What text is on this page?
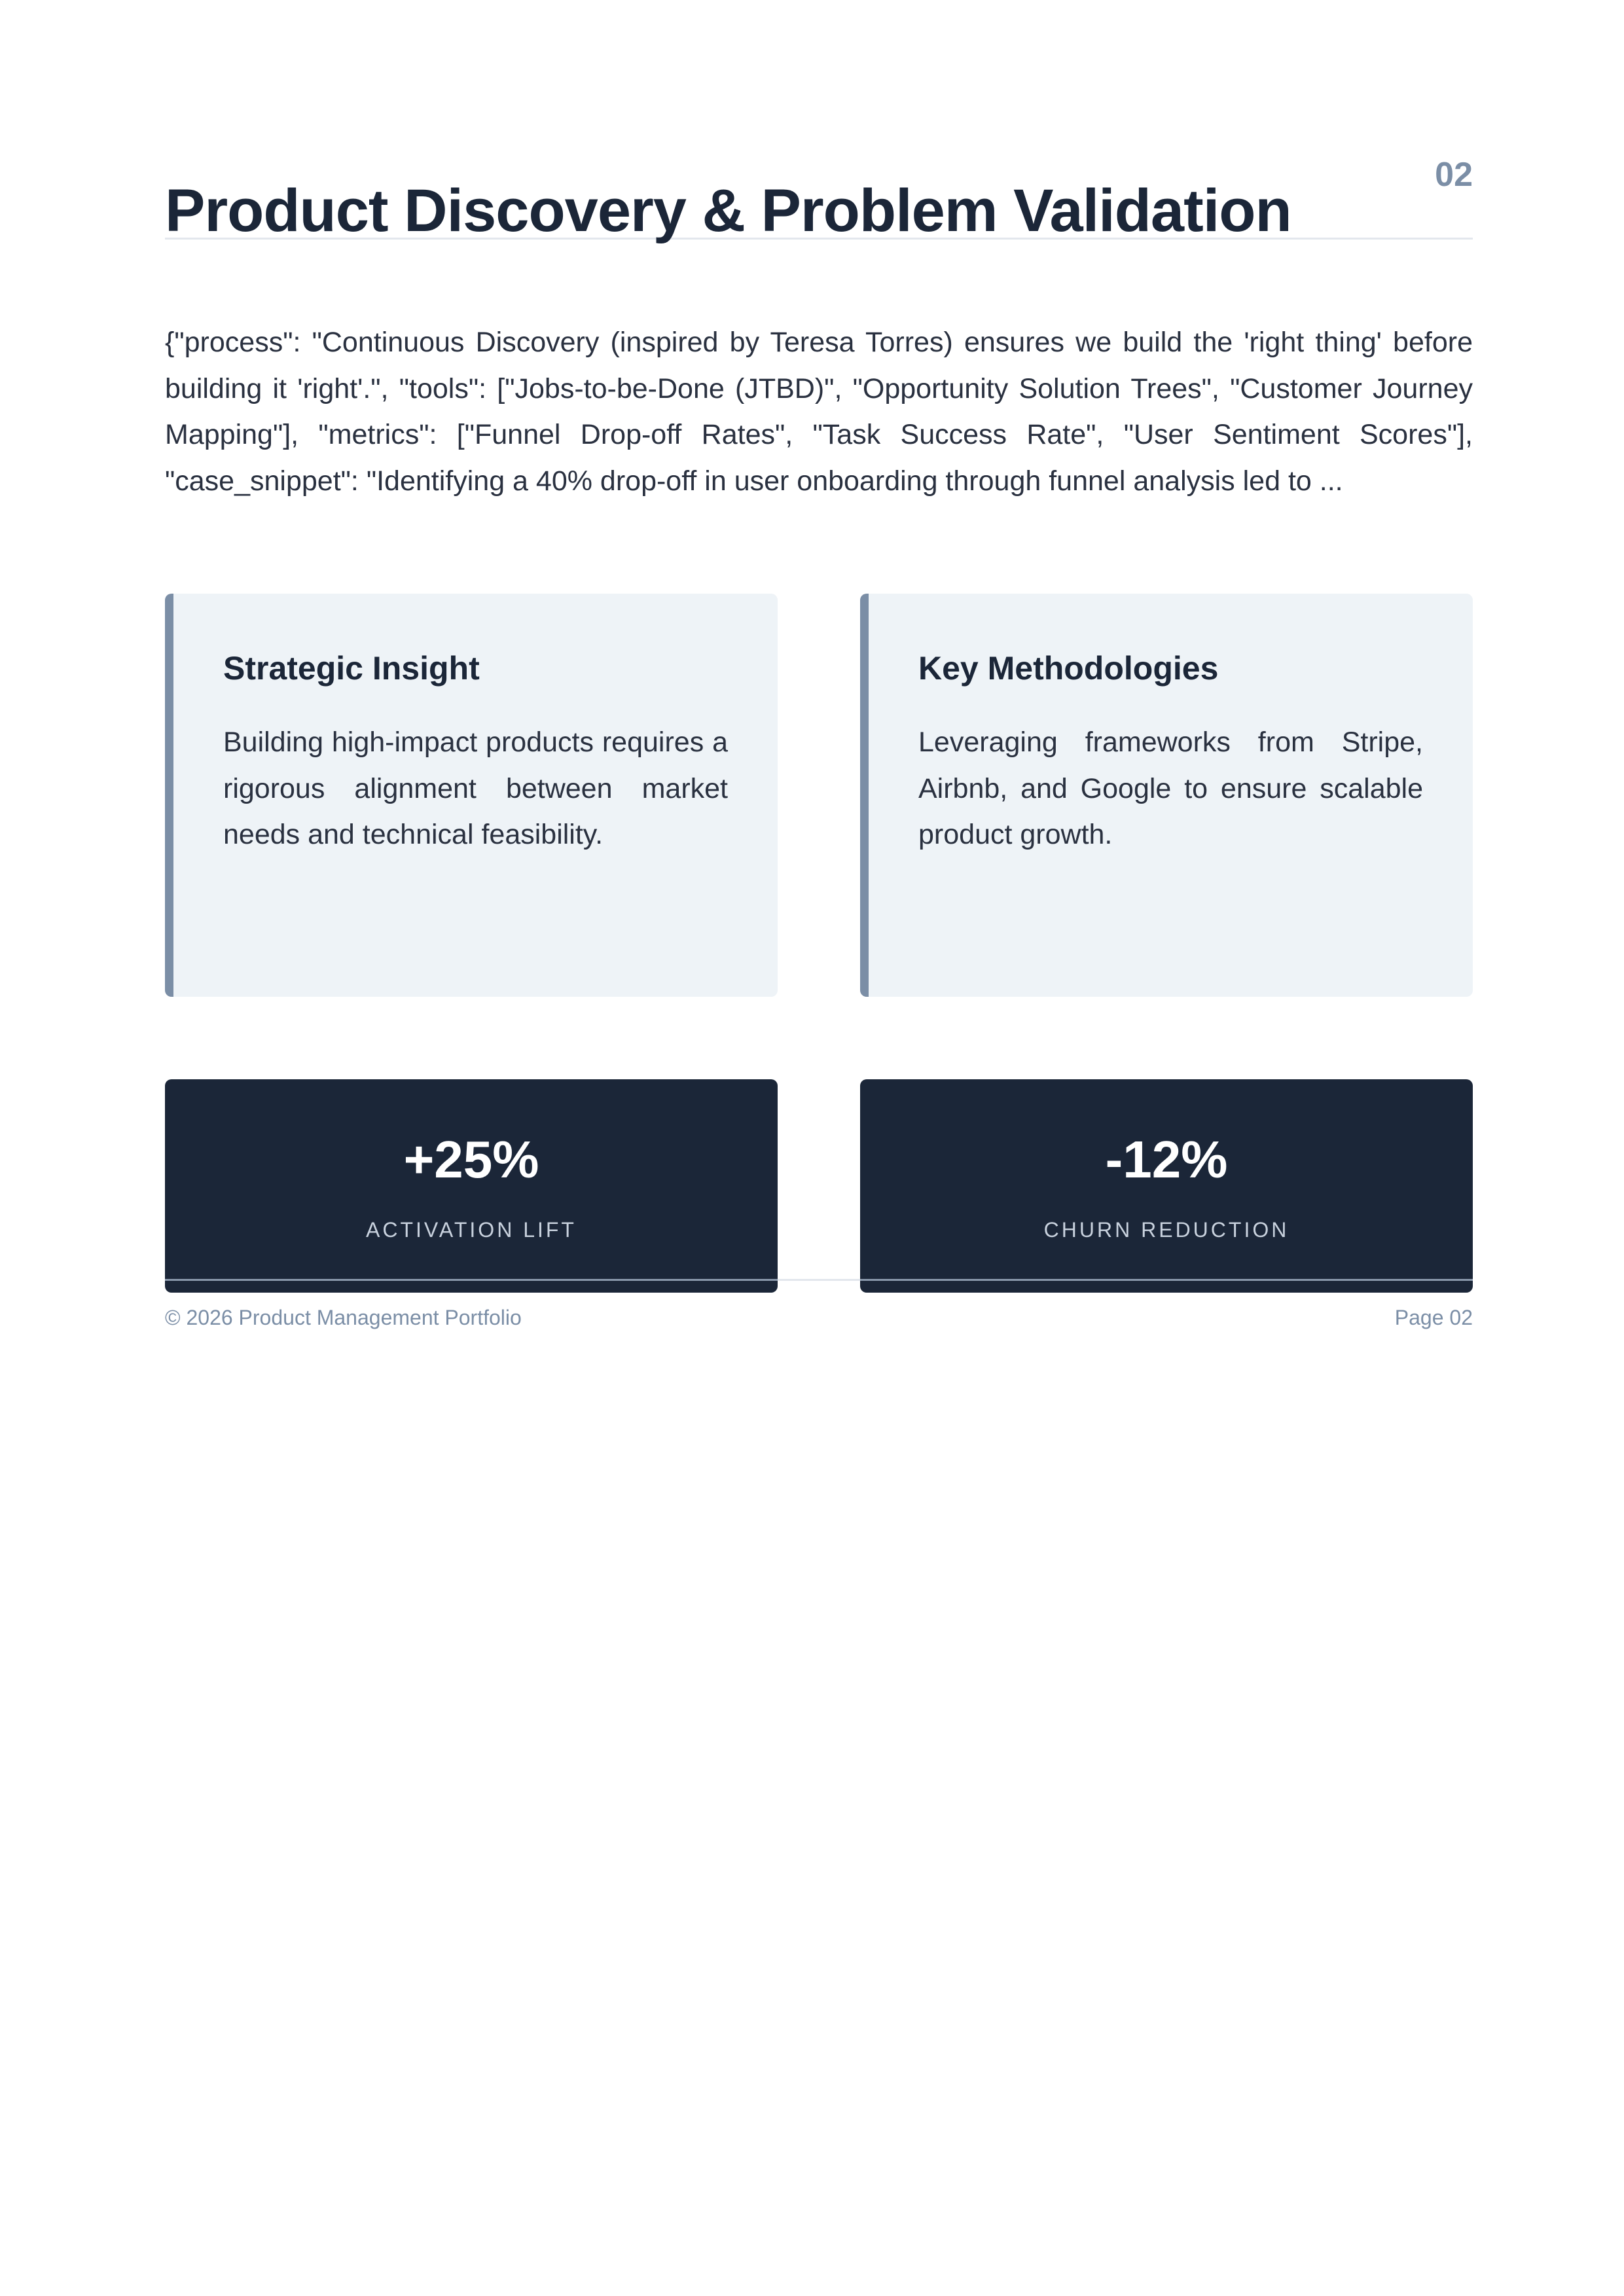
Product Discovery & Problem Validation
02

{"process": "Continuous Discovery (inspired by Teresa Torres) ensures we build the 'right thing' before building it 'right'.", "tools": ["Jobs-to-be-Done (JTBD)", "Opportunity Solution Trees", "Customer Journey Mapping"], "metrics": ["Funnel Drop-off Rates", "Task Success Rate", "User Sentiment Scores"], "case_snippet": "Identifying a 40% drop-off in user onboarding through funnel analysis led to ...

Strategic Insight

Building high-impact products requires a rigorous alignment between market needs and technical feasibility.

Key Methodologies

Leveraging frameworks from Stripe, Airbnb, and Google to ensure scalable product growth.

+25%
ACTIVATION LIFT
-12%
CHURN REDUCTION
© 2026 Product Management Portfolio	Page 02
